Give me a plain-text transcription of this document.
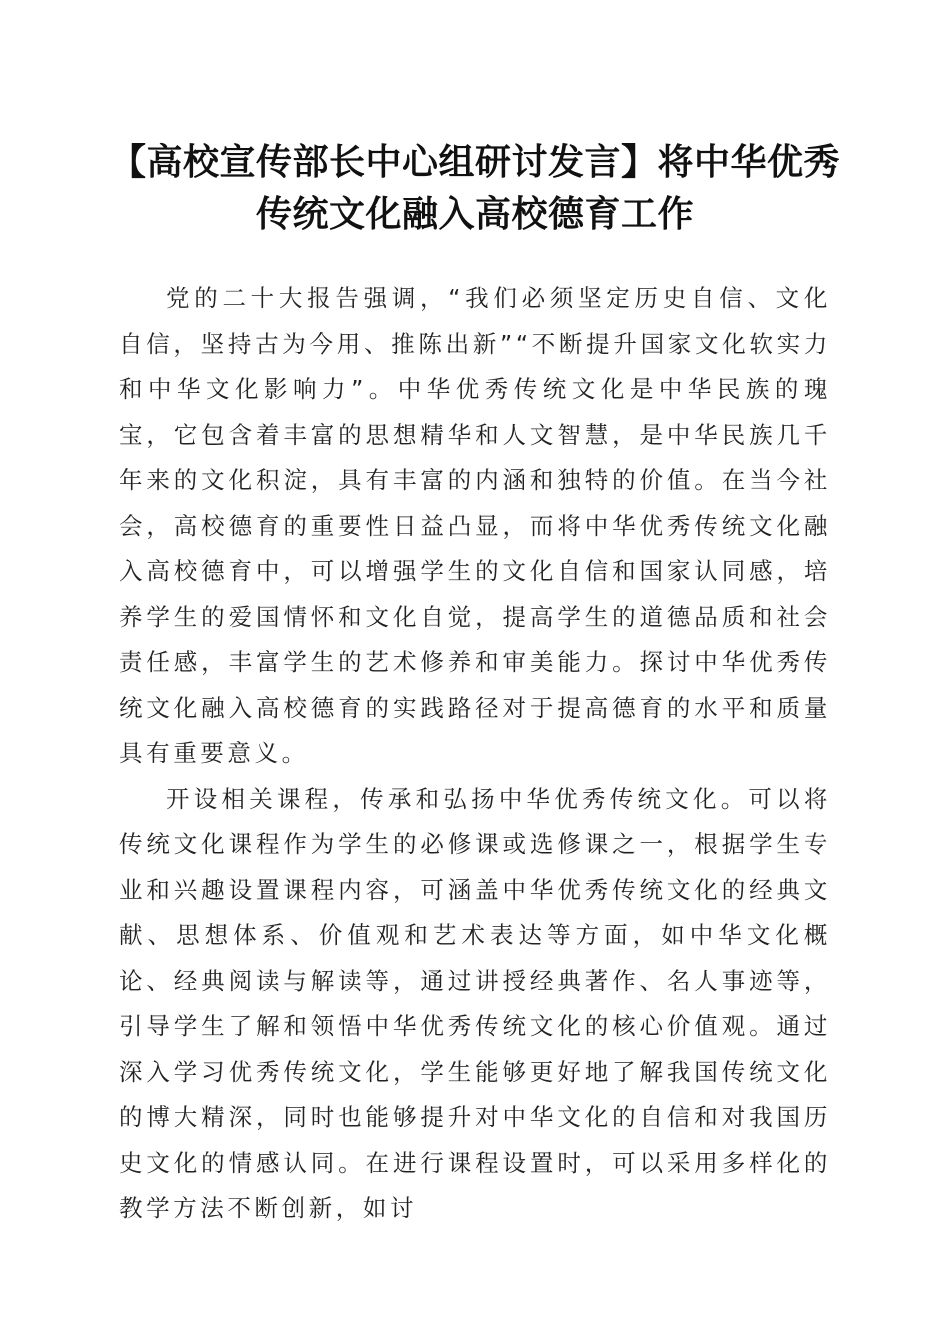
【高校宣传部长中心组研讨发言】将中华优秀
传统文化融入高校德育工作

党的二十大报告强调，“我们必须坚定历史自信、文化自信，坚持古为今用、推陈出新”“不断提升国家文化软实力和中华文化影响力”。中华优秀传统文化是中华民族的瑰宝，它包含着丰富的思想精华和人文智慧，是中华民族几千年来的文化积淀，具有丰富的内涵和独特的价值。在当今社会，高校德育的重要性日益凸显，而将中华优秀传统文化融入高校德育中，可以增强学生的文化自信和国家认同感，培养学生的爱国情怀和文化自觉，提高学生的道德品质和社会责任感，丰富学生的艺术修养和审美能力。探讨中华优秀传统文化融入高校德育的实践路径对于提高德育的水平和质量具有重要意义。

开设相关课程，传承和弘扬中华优秀传统文化。可以将传统文化课程作为学生的必修课或选修课之一，根据学生专业和兴趣设置课程内容，可涵盖中华优秀传统文化的经典文献、思想体系、价值观和艺术表达等方面，如中华文化概论、经典阅读与解读等，通过讲授经典著作、名人事迹等，引导学生了解和领悟中华优秀传统文化的核心价值观。通过深入学习优秀传统文化，学生能够更好地了解我国传统文化的博大精深，同时也能够提升对中华文化的自信和对我国历史文化的情感认同。在进行课程设置时，可以采用多样化的教学方法不断创新，如讨
